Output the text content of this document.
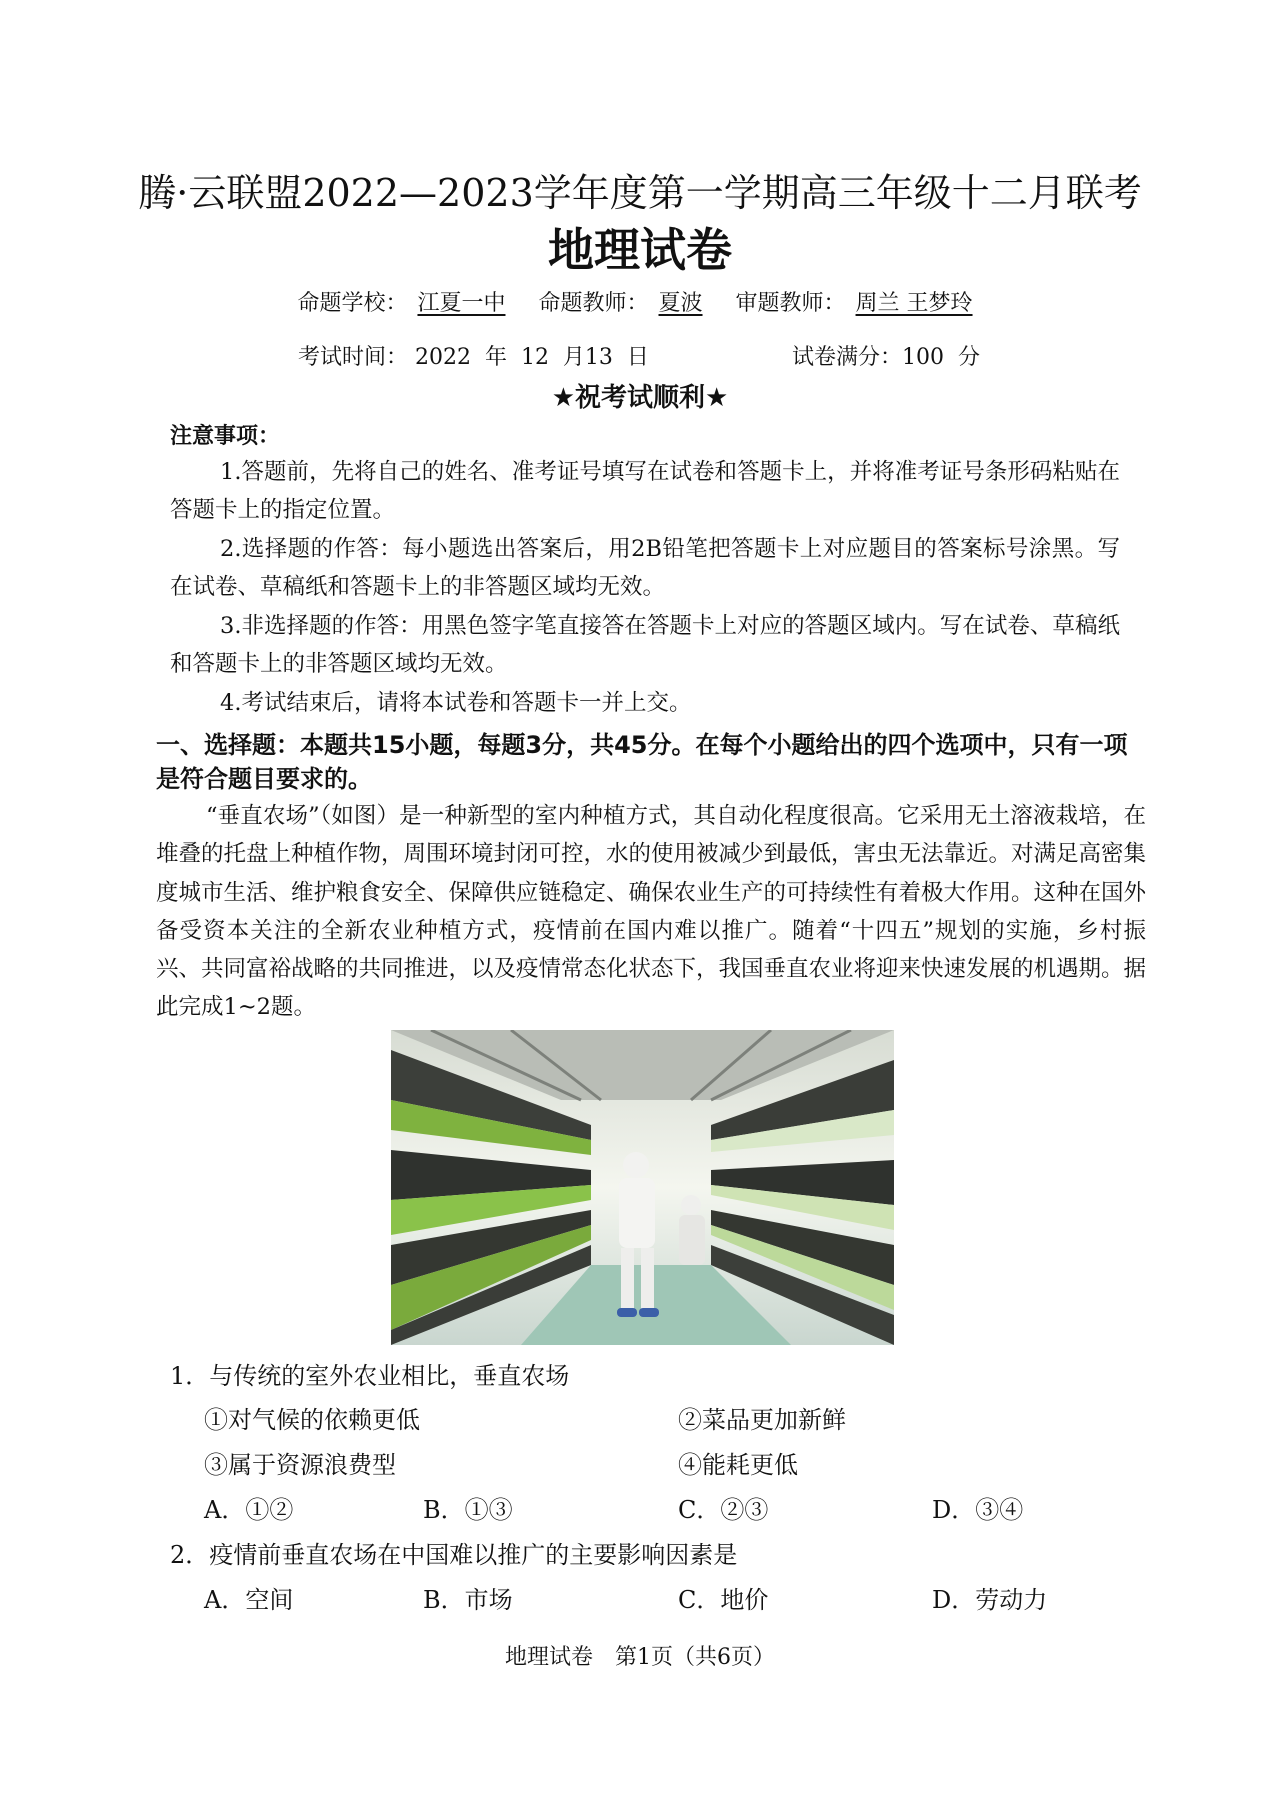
腾·云联盟2022—2023学年度第一学期高三年级十二月联考
地理试卷
命题学校： 江夏一中 命题教师： 夏波 审题教师： 周兰 王梦玲
考试时间： 2022  年  12  月13  日	试卷满分：100  分
★祝考试顺利★
注意事项：
1.答题前，先将自己的姓名、准考证号填写在试卷和答题卡上，并将准考证号条形码粘贴在答题卡上的指定位置。
2.选择题的作答：每小题选出答案后，用2B铅笔把答题卡上对应题目的答案标号涂黑。写在试卷、草稿纸和答题卡上的非答题区域均无效。
3.非选择题的作答：用黑色签字笔直接答在答题卡上对应的答题区域内。写在试卷、草稿纸和答题卡上的非答题区域均无效。
4.考试结束后，请将本试卷和答题卡一并上交。
一、选择题：本题共15小题，每题3分，共45分。在每个小题给出的四个选项中，只有一项是符合题目要求的。
“垂直农场”（如图）是一种新型的室内种植方式，其自动化程度很高。它采用无土溶液栽培，在堆叠的托盘上种植作物，周围环境封闭可控，水的使用被减少到最低，害虫无法靠近。对满足高密集度城市生活、维护粮食安全、保障供应链稳定、确保农业生产的可持续性有着极大作用。这种在国外备受资本关注的全新农业种植方式，疫情前在国内难以推广。随着“十四五”规划的实施，乡村振兴、共同富裕战略的共同推进，以及疫情常态化状态下，我国垂直农业将迎来快速发展的机遇期。据此完成1~2题。
1．与传统的室外农业相比，垂直农场
①对气候的依赖更低	②菜品更加新鲜
③属于资源浪费型	④能耗更低
A．①②	B．①③	C．②③	D．③④
2．疫情前垂直农场在中国难以推广的主要影响因素是
A．空间	B．市场	C．地价	D．劳动力
地理试卷　第1页（共6页）
